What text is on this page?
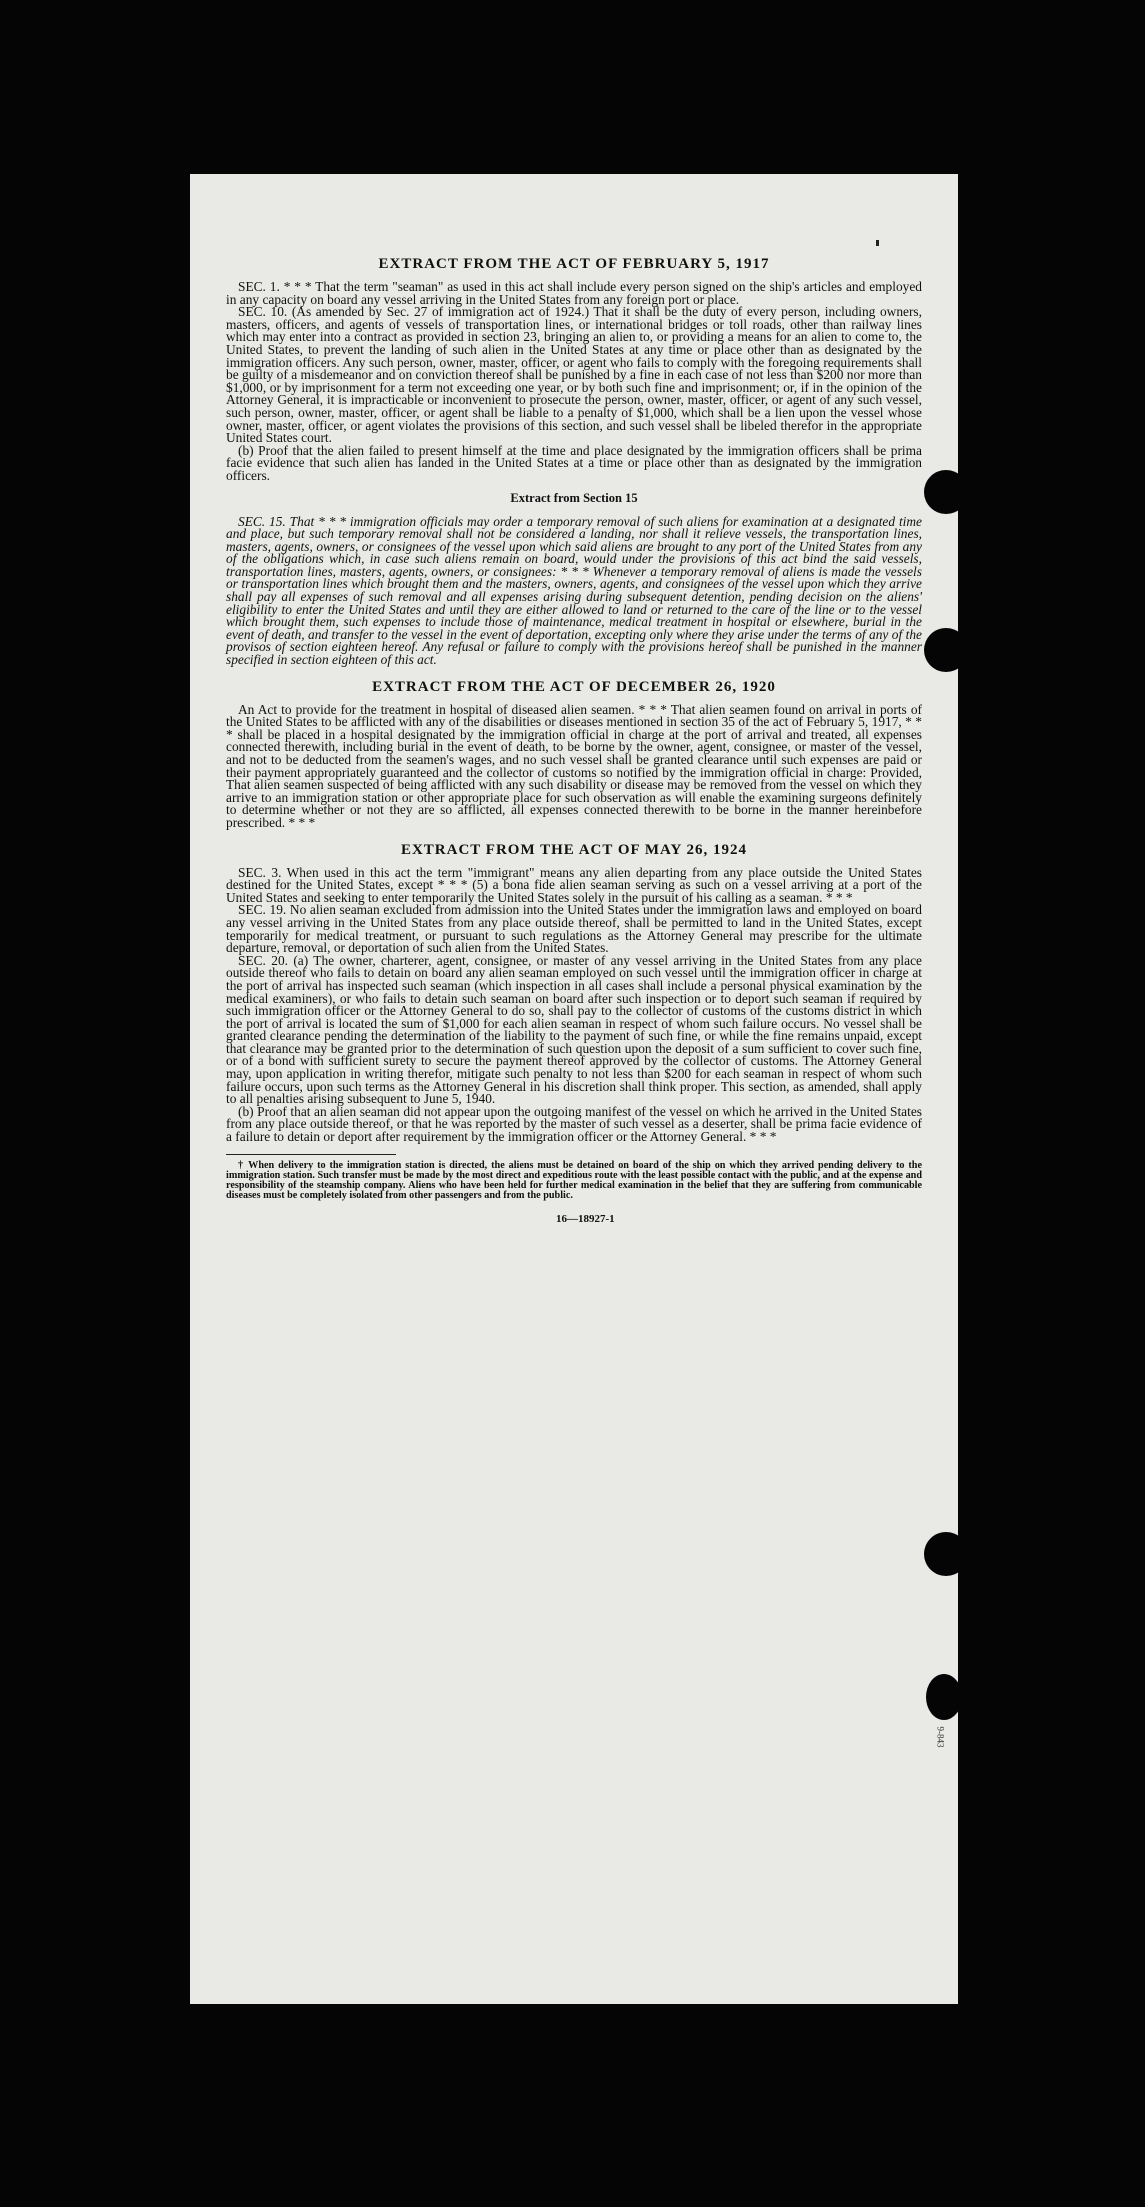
EXTRACT FROM THE ACT OF FEBRUARY 5, 1917

SEC. 1. * * * That the term "seaman" as used in this act shall include every person signed on the ship's articles and employed in any capacity on board any vessel arriving in the United States from any foreign port or place.

SEC. 10. (As amended by Sec. 27 of immigration act of 1924.) That it shall be the duty of every person, including owners, masters, officers, and agents of vessels of transportation lines, or international bridges or toll roads, other than railway lines which may enter into a contract as provided in section 23, bringing an alien to, or providing a means for an alien to come to, the United States, to prevent the landing of such alien in the United States at any time or place other than as designated by the immigration officers. Any such person, owner, master, officer, or agent who fails to comply with the foregoing requirements shall be guilty of a misdemeanor and on conviction thereof shall be punished by a fine in each case of not less than $200 nor more than $1,000, or by imprisonment for a term not exceeding one year, or by both such fine and imprisonment; or, if in the opinion of the Attorney General, it is impracticable or inconvenient to prosecute the person, owner, master, officer, or agent of any such vessel, such person, owner, master, officer, or agent shall be liable to a penalty of $1,000, which shall be a lien upon the vessel whose owner, master, officer, or agent violates the provisions of this section, and such vessel shall be libeled therefor in the appropriate United States court.

(b) Proof that the alien failed to present himself at the time and place designated by the immigration officers shall be prima facie evidence that such alien has landed in the United States at a time or place other than as designated by the immigration officers.

Extract from Section 15

SEC. 15. That * * * immigration officials may order a temporary removal of such aliens for examination at a designated time and place, but such temporary removal shall not be considered a landing, nor shall it relieve vessels, the transportation lines, masters, agents, owners, or consignees of the vessel upon which said aliens are brought to any port of the United States from any of the obligations which, in case such aliens remain on board, would under the provisions of this act bind the said vessels, transportation lines, masters, agents, owners, or consignees: * * * Whenever a temporary removal of aliens is made the vessels or transportation lines which brought them and the masters, owners, agents, and consignees of the vessel upon which they arrive shall pay all expenses of such removal and all expenses arising during subsequent detention, pending decision on the aliens' eligibility to enter the United States and until they are either allowed to land or returned to the care of the line or to the vessel which brought them, such expenses to include those of maintenance, medical treatment in hospital or elsewhere, burial in the event of death, and transfer to the vessel in the event of deportation, excepting only where they arise under the terms of any of the provisos of section eighteen hereof. Any refusal or failure to comply with the provisions hereof shall be punished in the manner specified in section eighteen of this act.

EXTRACT FROM THE ACT OF DECEMBER 26, 1920

An Act to provide for the treatment in hospital of diseased alien seamen. * * * That alien seamen found on arrival in ports of the United States to be afflicted with any of the disabilities or diseases mentioned in section 35 of the act of February 5, 1917, * * * shall be placed in a hospital designated by the immigration official in charge at the port of arrival and treated, all expenses connected therewith, including burial in the event of death, to be borne by the owner, agent, consignee, or master of the vessel, and not to be deducted from the seamen's wages, and no such vessel shall be granted clearance until such expenses are paid or their payment appropriately guaranteed and the collector of customs so notified by the immigration official in charge: Provided, That alien seamen suspected of being afflicted with any such disability or disease may be removed from the vessel on which they arrive to an immigration station or other appropriate place for such observation as will enable the examining surgeons definitely to determine whether or not they are so afflicted, all expenses connected therewith to be borne in the manner hereinbefore prescribed. * * *

EXTRACT FROM THE ACT OF MAY 26, 1924

SEC. 3. When used in this act the term "immigrant" means any alien departing from any place outside the United States destined for the United States, except * * * (5) a bona fide alien seaman serving as such on a vessel arriving at a port of the United States and seeking to enter temporarily the United States solely in the pursuit of his calling as a seaman. * * *

SEC. 19. No alien seaman excluded from admission into the United States under the immigration laws and employed on board any vessel arriving in the United States from any place outside thereof, shall be permitted to land in the United States, except temporarily for medical treatment, or pursuant to such regulations as the Attorney General may prescribe for the ultimate departure, removal, or deportation of such alien from the United States.

SEC. 20. (a) The owner, charterer, agent, consignee, or master of any vessel arriving in the United States from any place outside thereof who fails to detain on board any alien seaman employed on such vessel until the immigration officer in charge at the port of arrival has inspected such seaman (which inspection in all cases shall include a personal physical examination by the medical examiners), or who fails to detain such seaman on board after such inspection or to deport such seaman if required by such immigration officer or the Attorney General to do so, shall pay to the collector of customs of the customs district in which the port of arrival is located the sum of $1,000 for each alien seaman in respect of whom such failure occurs. No vessel shall be granted clearance pending the determination of the liability to the payment of such fine, or while the fine remains unpaid, except that clearance may be granted prior to the determination of such question upon the deposit of a sum sufficient to cover such fine, or of a bond with sufficient surety to secure the payment thereof approved by the collector of customs. The Attorney General may, upon application in writing therefor, mitigate such penalty to not less than $200 for each seaman in respect of whom such failure occurs, upon such terms as the Attorney General in his discretion shall think proper. This section, as amended, shall apply to all penalties arising subsequent to June 5, 1940.

(b) Proof that an alien seaman did not appear upon the outgoing manifest of the vessel on which he arrived in the United States from any place outside thereof, or that he was reported by the master of such vessel as a deserter, shall be prima facie evidence of a failure to detain or deport after requirement by the immigration officer or the Attorney General. * * *

† When delivery to the immigration station is directed, the aliens must be detained on board of the ship on which they arrived pending delivery to the immigration station. Such transfer must be made by the most direct and expeditious route with the least possible contact with the public, and at the expense and responsibility of the steamship company. Aliens who have been held for further medical examination in the belief that they are suffering from communicable diseases must be completely isolated from other passengers and from the public.

16—18927-1
9-843
